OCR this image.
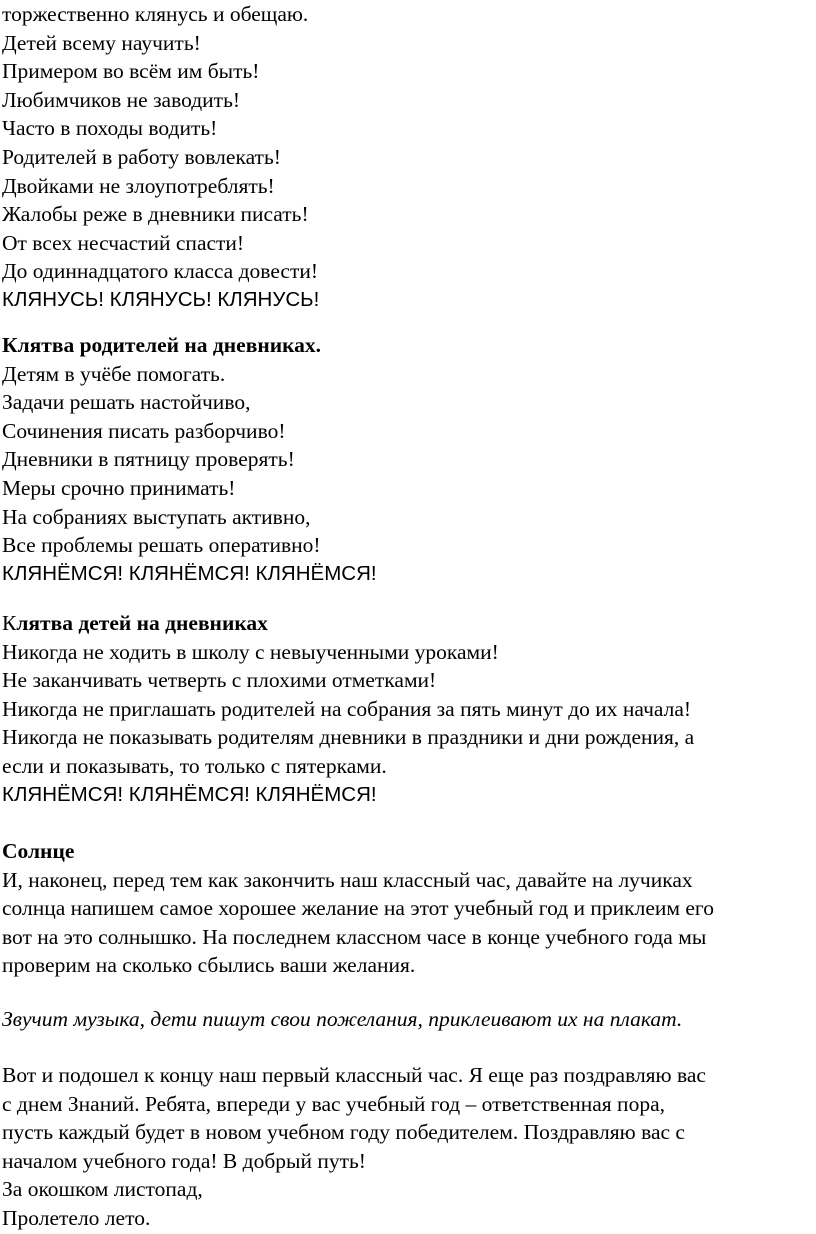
торжественно клянусь и обещаю.
Детей всему научить!
Примером во всём им быть!
Любимчиков не заводить!
Часто в походы водить!
Родителей в работу вовлекать!
Двойками не злоупотреблять!
Жалобы реже в дневники писать!
От всех несчастий спасти!
До одиннадцатого класса довести!
КЛЯНУСЬ! КЛЯНУСЬ! КЛЯНУСЬ!
Клятва родителей на дневниках.
Детям в учёбе помогать.
Задачи решать настойчиво,
Сочинения писать разборчиво!
Дневники в пятницу проверять!
Меры срочно принимать!
На собраниях выступать активно,
Все проблемы решать оперативно!
КЛЯНЁМСЯ! КЛЯНЁМСЯ! КЛЯНЁМСЯ!
Клятва детей на дневниках
Никогда не ходить в школу с невыученными уроками!
Не заканчивать четверть с плохими отметками!
Никогда не приглашать родителей на собрания за пять минут до их начала!
Никогда не показывать родителям дневники в праздники и дни рождения, а
если и показывать, то только с пятерками.
КЛЯНЁМСЯ! КЛЯНЁМСЯ! КЛЯНЁМСЯ!
Солнце
И, наконец, перед тем как закончить наш классный час, давайте на лучиках
солнца напишем самое хорошее желание на этот учебный год и приклеим его
вот на это солнышко. На последнем классном часе в конце учебного года мы
проверим на сколько сбылись ваши желания.
Звучит музыка, дети пишут свои пожелания, приклеивают их на плакат.
Вот и подошел к концу наш первый классный час. Я еще раз поздравляю вас
с днем Знаний. Ребята, впереди у вас учебный год – ответственная пора,
пусть каждый будет в новом учебном году победителем. Поздравляю вас с
началом учебного года! В добрый путь!
За окошком листопад,
Пролетело лето.
